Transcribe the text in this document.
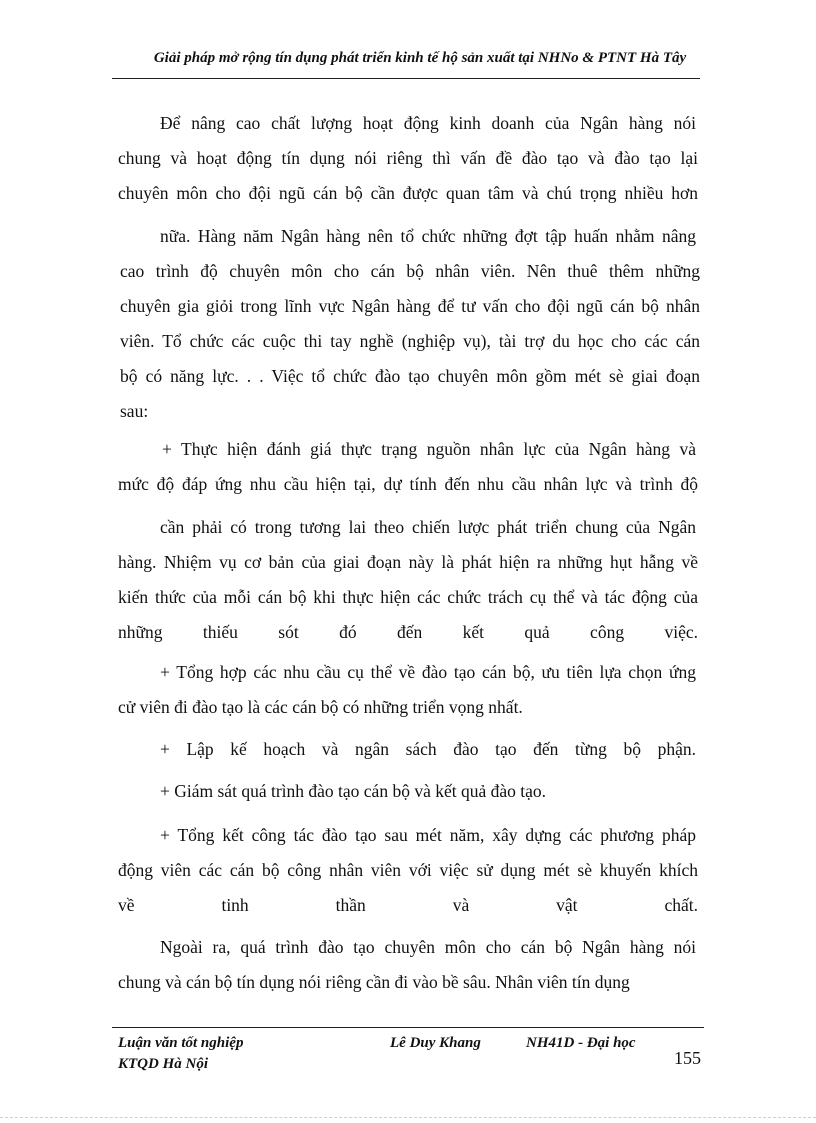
Giải pháp mở rộng tín dụng phát triển kinh tế hộ sản xuất tại NHNo & PTNT Hà Tây
Để nâng cao chất lượng hoạt động kinh doanh của Ngân hàng nói
chung và hoạt động tín dụng nói riêng thì vấn đề đào tạo và đào tạo lại
chuyên môn cho đội ngũ cán bộ cần được quan tâm và chú trọng nhiều hơn
nữa. Hàng năm Ngân hàng nên tổ chức những đợt tập huấn nhằm nâng
cao trình độ chuyên môn cho cán bộ nhân viên. Nên thuê thêm những
chuyên gia giỏi trong lĩnh vực Ngân hàng để tư vấn cho đội ngũ cán bộ nhân
viên. Tổ chức các cuộc thi tay nghề (nghiệp vụ), tài trợ du học cho các cán
bộ có năng lực. . . Việc tổ chức đào tạo chuyên môn gồm mét sè giai đoạn
sau:
+ Thực hiện đánh giá thực trạng nguồn nhân lực của Ngân hàng và
mức độ đáp ứng nhu cầu hiện tại, dự tính đến nhu cầu nhân lực và trình độ
cần phải có trong tương lai theo chiến lược phát triển chung của Ngân
hàng. Nhiệm vụ cơ bản của giai đoạn này là phát hiện ra những hụt hẫng về
kiến thức của mỗi cán bộ khi thực hiện các chức trách cụ thể và tác động của
những thiếu sót đó đến kết quả công việc.
+ Tổng hợp các nhu cầu cụ thể về đào tạo cán bộ, ưu tiên lựa chọn ứng
cử viên đi đào tạo là các cán bộ có những triển vọng nhất.
+ Lập kế hoạch và ngân sách đào tạo đến từng bộ phận.
+ Giám sát quá trình đào tạo cán bộ và kết quả đào tạo.
+ Tổng kết công tác đào tạo sau mét năm, xây dựng các phương pháp
động viên các cán bộ công nhân viên với việc sử dụng mét sè khuyến khích
về tinh thần và vật chất.
Ngoài ra, quá trình đào tạo chuyên môn cho cán bộ Ngân hàng nói
chung và cán bộ tín dụng nói riêng cần đi vào bề sâu. Nhân viên tín dụng
Luận văn tốt nghiệp
KTQD Hà Nội
Lê Duy Khang	NH41D - Đại học
155
